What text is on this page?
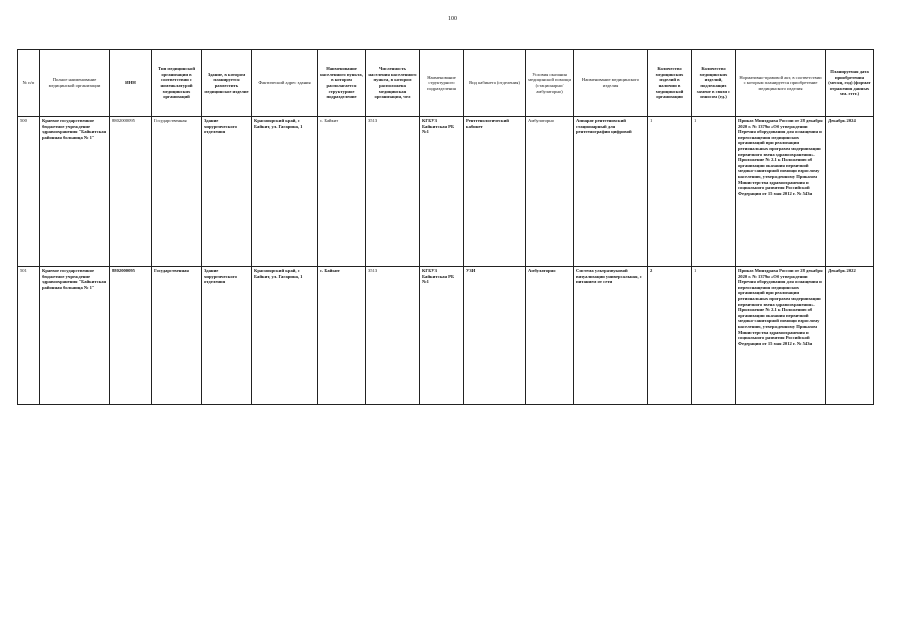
100
№ п/п	Полное наименование медицинской организации	ИНН	Тип медицинской организации в соответствии с номенклатурой медицинских организаций	Здание, в котором планируется разместить медицинское изделие	Фактический адрес здания	Наименование населенного пункта, в котором располагается структурное подразделение	Численность населения населенного пункта, в котором расположена медицинская организация, чел	Наименование структурного подразделения	Вид кабинета (отделения)	Условия оказания медицинской помощи (стационарно/амбулаторно)	Наименование медицинского изделия	Количество медицинских изделий в наличии в медицинской организации	Количество медицинских изделий, подлежащих замене в связи с износом (ед.)	Нормативно-правовой акт, в соответствии с которым планируется приобретение медицинского изделия	Планируемая дата приобретения (месяц, год) (формат отражения данных мм. гггг.)
500	Краевое государственное бюджетное учреждение здравоохранения "Байкитская районная больница № 1"	8802000095	Государственная	Здание хирургического отделения	Красноярский край, с Байкит, ул. Гагарина, 1	с. Байкит	3513	КГБУЗ Байкитская РБ №1	Рентгенологический кабинет	Амбулаторно	Аппарат рентгеновский стационарный для рентгенографии цифровой	1	1	Приказ Минздрава России от 28 декабря 2020 г. № 1379н «Об утверждении Перечня оборудования для оснащения и переоснащения медицинских организаций при реализации региональных программ модернизации первичного звена здравоохранения». Приложение № 2.1 к Положению об организации оказания первичной медико-санитарной помощи взрослому населению, утвержденному Приказом Министерства здравоохранения и социального развития Российской Федерации от 15 мая 2012 г. № 543н	Декабрь 2024
501	Краевое государственное бюджетное учреждение здравоохранения "Байкитская районная больница № 1"	8802000095	Государственная	Здание хирургического отделения	Красноярский край, с Байкит, ул. Гагарина, 1	с. Байкит	3513	КГБУЗ Байкитская РБ №1	УЗИ	Амбулаторно	Система ультразвуковой визуализации универсальная, с питанием от сети	2	1	Приказ Минздрава России от 28 декабря 2020 г. № 1379н «Об утверждении Перечня оборудования для оснащения и переоснащения медицинских организаций при реализации региональных программ модернизации первичного звена здравоохранения». Приложение № 2.1 к Положению об организации оказания первичной медико-санитарной помощи взрослому населению, утвержденному Приказом Министерства здравоохранения и социального развития Российской Федерации от 15 мая 2012 г. № 543н	Декабрь 2022
